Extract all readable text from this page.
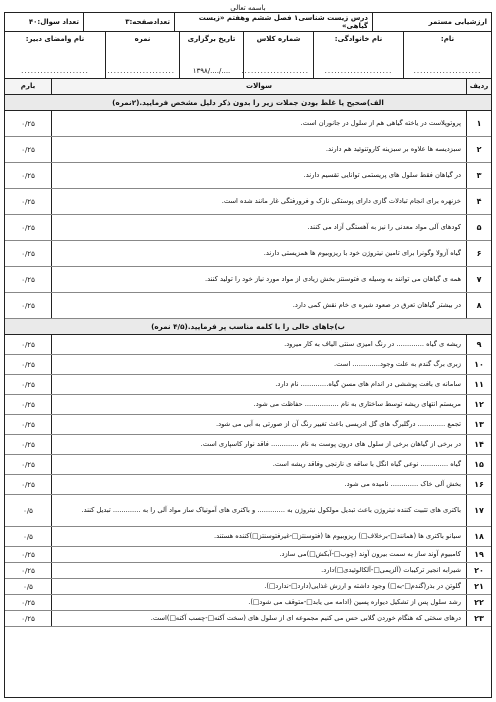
باسمه تعالی
ارزشیابی مستمر
درس زیست شناسی۱ فصل ششم وهفتم «زیست گیاهی»
تعدادصفحه:۳
تعداد سوال:۴۰
نام:
.....................
نام خانوادگی:
.....................
شماره کلاس
.....................
تاریخ برگزاری
..../..../۱۳۹۸
نمره
.....................
نام وامضای دبیر:
.....................
ردیف
سوالات
بارم
الف)صحیح یا غلط بودن جملات زیر را بدون ذکر دلیل مشخص فرمایید.(۲نمره)
۱
پروتوپلاست در یاخته گیاهی هم از سلول در جانوران است.
۰/۲۵
۲
سبزدیسه ها علاوه بر سبزینه کاروتنوئید هم دارند.
۰/۲۵
۳
در گیاهان فقط سلول های پریستمی توانایی تقسیم دارند.
۰/۲۵
۴
خزنهره برای انجام تبادلات گازی دارای پوستکی نازک و فرورفتگی غار مانند شده است.
۰/۲۵
۵
کودهای آلی مواد معدنی را نیز به آهستگی آزاد می کنند.
۰/۲۵
۶
گیاه آزولا وگونرا برای تامین نیتروژن خود با ریزوبیوم ها همزیستی دارند.
۰/۲۵
۷
همه ی گیاهان می توانند به وسیله ی فتوسنتز بخش زیادی از مواد مورد نیاز خود را تولید کنند.
۰/۲۵
۸
در بیشتر گیاهان تعرق در صعود شیره ی خام نقش کمی دارد.
۰/۲۵
ب)جاهای خالی را با کلمه مناسب پر فرمایید.(۴/۵ نمره)
۹
ریشه ی گیاه ............. در رنگ امیزی سنتی الیاف به کار میرود.
۰/۲۵
۱۰
زبری برگ گندم به علت وجود............. است.
۰/۲۵
۱۱
سامانه ی بافت پوششی در اندام های مسن گیاه............. نام دارد.
۰/۲۵
۱۲
مریستم انتهای ریشه توسط ساختاری به نام ................ حفاظت می شود.
۰/۲۵
۱۳
تجمع ............. درگلبرگ های گل ادریسی باعث تغییر رنگ آن از صورتی به آبی می شود.
۰/۲۵
۱۴
در برخی از گیاهان برخی از سلول های درون پوست به نام ............. فاقد نوار کاسپاری است.
۰/۲۵
۱۵
گیاه ............. نوعی گیاه انگل با ساقه ی نارنجی وفاقد ریشه است.
۰/۲۵
۱۶
بخش آلی خاک ............. نامیده می شود.
۰/۲۵
۱۷
باکتری های تثبیت کننده نیتروژن باعث تبدیل مولکول نیتروژن به ............. و باکتری های آمونیاک ساز مواد آلی را به ............. تبدیل کنند.
۰/۵
۱۸
سیانو باکتری ها (همانند□-برخلاف□) ریزوبیوم ها (فتوسنتز□-غیرفتوسنتز□)کننده هستند.
۰/۵
۱۹
کامبیوم آوند ساز به سمت بیرون آوند (چوب□-آبکش□)می سازد.
۰/۲۵
۲۰
شیرابه انجیر ترکیبات (آلزیمی□-آلکالوئیدی□)دارد.
۰/۲۵
۲۱
گلوتن در بذر(گندم□-به□) وجود داشته و ارزش غذایی(دارد□-ندارد□).
۰/۵
۲۲
رشد سلول پس از تشکیل دیواره پسین (ادامه می یابد□-متوقف می شود□).
۰/۲۵
۲۳
درهای سختی که هنگام خوردن گلابی حس می کنیم مجموعه ای از سلول های (سخت آکنه□-چسب آکنه□)است.
۰/۲۵
